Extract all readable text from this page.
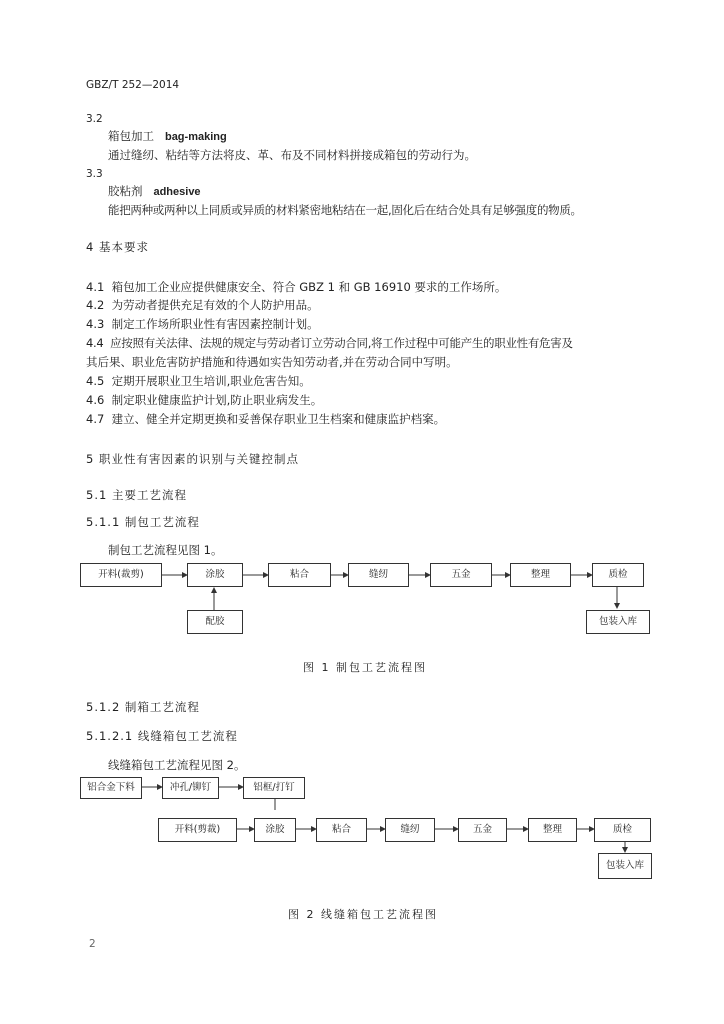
GBZ/T 252—2014
3.2
箱包加工 bag-making
通过缝纫、粘结等方法将皮、革、布及不同材料拼接成箱包的劳动行为。
3.3
胶粘剂 adhesive
能把两种或两种以上同质或异质的材料紧密地粘结在一起,固化后在结合处具有足够强度的物质。
4 基本要求
4.1 箱包加工企业应提供健康安全、符合 GBZ 1 和 GB 16910 要求的工作场所。
4.2 为劳动者提供充足有效的个人防护用品。
4.3 制定工作场所职业性有害因素控制计划。
4.4 应按照有关法律、法规的规定与劳动者订立劳动合同,将工作过程中可能产生的职业性有危害及
其后果、职业危害防护措施和待遇如实告知劳动者,并在劳动合同中写明。
4.5 定期开展职业卫生培训,职业危害告知。
4.6 制定职业健康监护计划,防止职业病发生。
4.7 建立、健全并定期更换和妥善保存职业卫生档案和健康监护档案。
5 职业性有害因素的识别与关键控制点
5.1 主要工艺流程
5.1.1 制包工艺流程
制包工艺流程见图 1。
开料(裁剪)	涂胶	粘合	缝纫	五金	整理	质检
配胶	包装入库
图 1 制包工艺流程图
5.1.2 制箱工艺流程
5.1.2.1 线缝箱包工艺流程
线缝箱包工艺流程见图 2。
铝合金下料	冲孔/铆钉	铝框/打钉
开料(剪裁)	涂胶	粘合	缝纫	五金	整理	质检
包装入库
图 2 线缝箱包工艺流程图
2
